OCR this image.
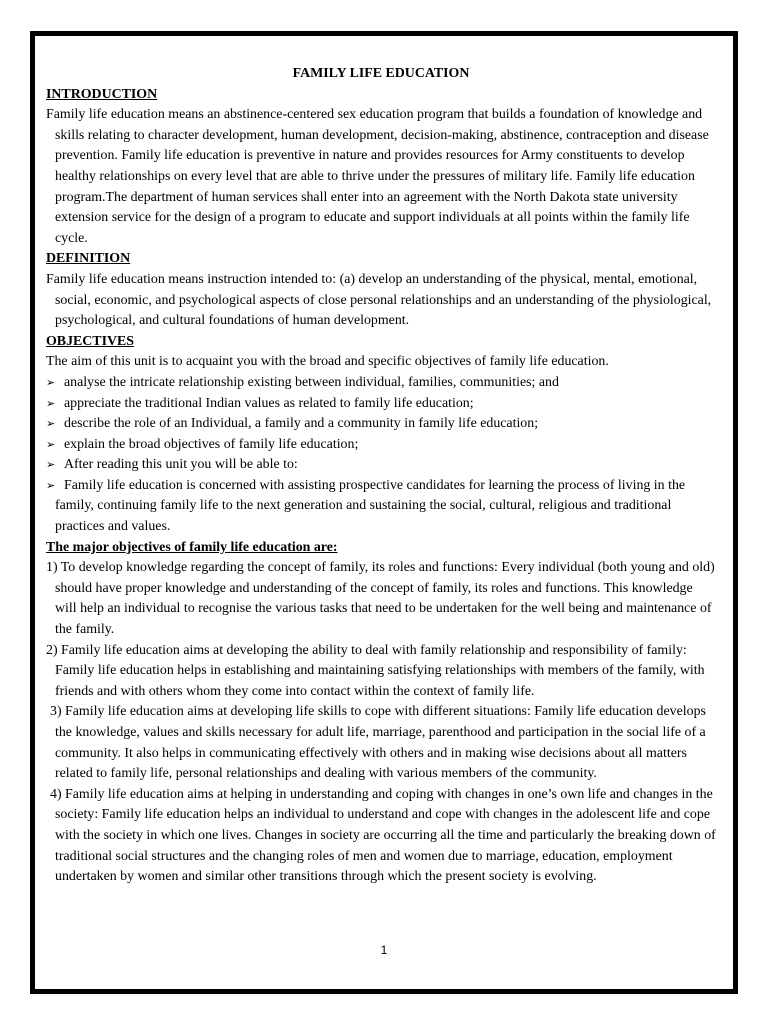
FAMILY LIFE EDUCATION

INTRODUCTION

Family life education means an abstinence-centered sex education program that builds a foundation of knowledge and skills relating to character development, human development, decision-making, abstinence, contraception and disease prevention. Family life education is preventive in nature and provides resources for Army constituents to develop healthy relationships on every level that are able to thrive under the pressures of military life. Family life education program.The department of human services shall enter into an agreement with the North Dakota state university extension service for the design of a program to educate and support individuals at all points within the family life cycle.

DEFINITION

Family life education means instruction intended to: (a) develop an understanding of the physical, mental, emotional, social, economic, and psychological aspects of close personal relationships and an understanding of the physiological, psychological, and cultural foundations of human development.

OBJECTIVES

The aim of this unit is to acquaint you with the broad and specific objectives of family life education.

➢ analyse the intricate relationship existing between individual, families, communities; and
➢ appreciate the traditional Indian values as related to family life education;
➢ describe the role of an Individual, a family and a community in family life education;
➢ explain the broad objectives of family life education;
➢ After reading this unit you will be able to:
➢ Family life education is concerned with assisting prospective candidates for learning the process of living in the family, continuing family life to the next generation and sustaining the social, cultural, religious and traditional practices and values.

The major objectives of family life education are:

1) To develop knowledge regarding the concept of family, its roles and functions: Every individual (both young and old) should have proper knowledge and understanding of the concept of family, its roles and functions. This knowledge will help an individual to recognise the various tasks that need to be undertaken for the well being and maintenance of the family.

2) Family life education aims at developing the ability to deal with family relationship and responsibility of family: Family life education helps in establishing and maintaining satisfying relationships with members of the family, with friends and with others whom they come into contact within the context of family life.

3) Family life education aims at developing life skills to cope with different situations: Family life education develops the knowledge, values and skills necessary for adult life, marriage, parenthood and participation in the social life of a community. It also helps in communicating effectively with others and in making wise decisions about all matters related to family life, personal relationships and dealing with various members of the community.

4) Family life education aims at helping in understanding and coping with changes in one’s own life and changes in the society: Family life education helps an individual to understand and cope with changes in the adolescent life and cope with the society in which one lives. Changes in society are occurring all the time and particularly the breaking down of traditional social structures and the changing roles of men and women due to marriage, education, employment undertaken by women and similar other transitions through which the present society is evolving.

1
